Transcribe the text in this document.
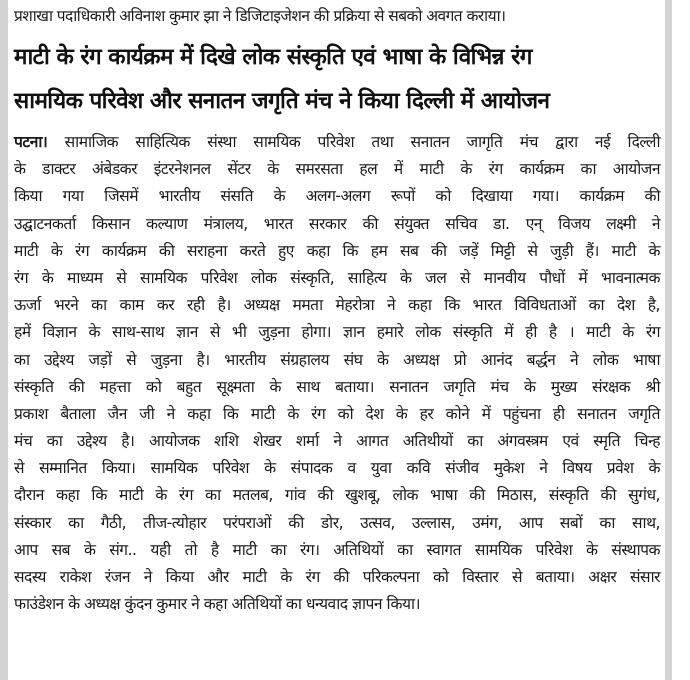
प्रशाखा पदाधिकारी अविनाश कुमार झा ने डिजिटाइजेशन की प्रक्रिया से सबको अवगत कराया।
माटी के रंग कार्यक्रम में दिखे लोक संस्कृति एवं भाषा के विभिन्न रंग
सामयिक परिवेश और सनातन जगृति मंच ने किया दिल्ली में आयोजन
पटना। सामाजिक साहित्यिक संस्था सामयिक परिवेश तथा सनातन जागृति मंच द्वारा नई दिल्ली
के डाक्टर अंबेडकर इंटरनेशनल सेंटर के समरसता हल में माटी के रंग कार्यक्रम का आयोजन
किया गया जिसमें भारतीय संसति के अलग-अलग रूपों को दिखाया गया। कार्यक्रम की
उद्घाटनकर्ता किसान कल्याण मंत्रालय, भारत सरकार की संयुक्त सचिव डा. एन् विजय लक्ष्मी ने
माटी के रंग कार्यक्रम की सराहना करते हुए कहा कि हम सब की जड़ें मिट्टी से जुड़ी हैं। माटी के
रंग के माध्यम से सामयिक परिवेश लोक संस्कृति, साहित्य के जल से मानवीय पौधों में भावनात्मक
ऊर्जा भरने का काम कर रही है। अध्यक्ष ममता मेहरोत्रा ने कहा कि भारत विविधताओं का देश है,
हमें विज्ञान के साथ-साथ ज्ञान से भी जुड़ना होगा। ज्ञान हमारे लोक संस्कृति में ही है । माटी के रंग
का उद्देश्य जड़ों से जुड़ना है। भारतीय संग्रहालय संघ के अध्यक्ष प्रो आनंद बर्द्धन ने लोक भाषा
संस्कृति की महत्ता को बहुत सूक्ष्मता के साथ बताया। सनातन जगृति मंच के मुख्य संरक्षक श्री
प्रकाश बैताला जैन जी ने कहा कि माटी के रंग को देश के हर कोने में पहुंचना ही सनातन जगृति
मंच का उद्देश्य है। आयोजक शशि शेखर शर्मा ने आगत अतिथीयों का अंगवस्त्रम एवं स्मृति चिन्ह
से सम्मानित किया। सामयिक परिवेश के संपादक व युवा कवि संजीव मुकेश ने विषय प्रवेश के
दौरान कहा कि माटी के रंग का मतलब, गांव की खुशबू, लोक भाषा की मिठास, संस्कृति की सुगंध,
संस्कार का गैठी, तीज-त्योहार परंपराओं की डोर, उत्सव, उल्लास, उमंग, आप सबों का साथ,
आप सब के संग.. यही तो है माटी का रंग। अतिथियों का स्वागत सामयिक परिवेश के संस्थापक
सदस्य राकेश रंजन ने किया और माटी के रंग की परिकल्पना को विस्तार से बताया। अक्षर संसार
फाउंडेशन के अध्यक्ष कुंदन कुमार ने कहा अतिथियों का धन्यवाद ज्ञापन किया।
